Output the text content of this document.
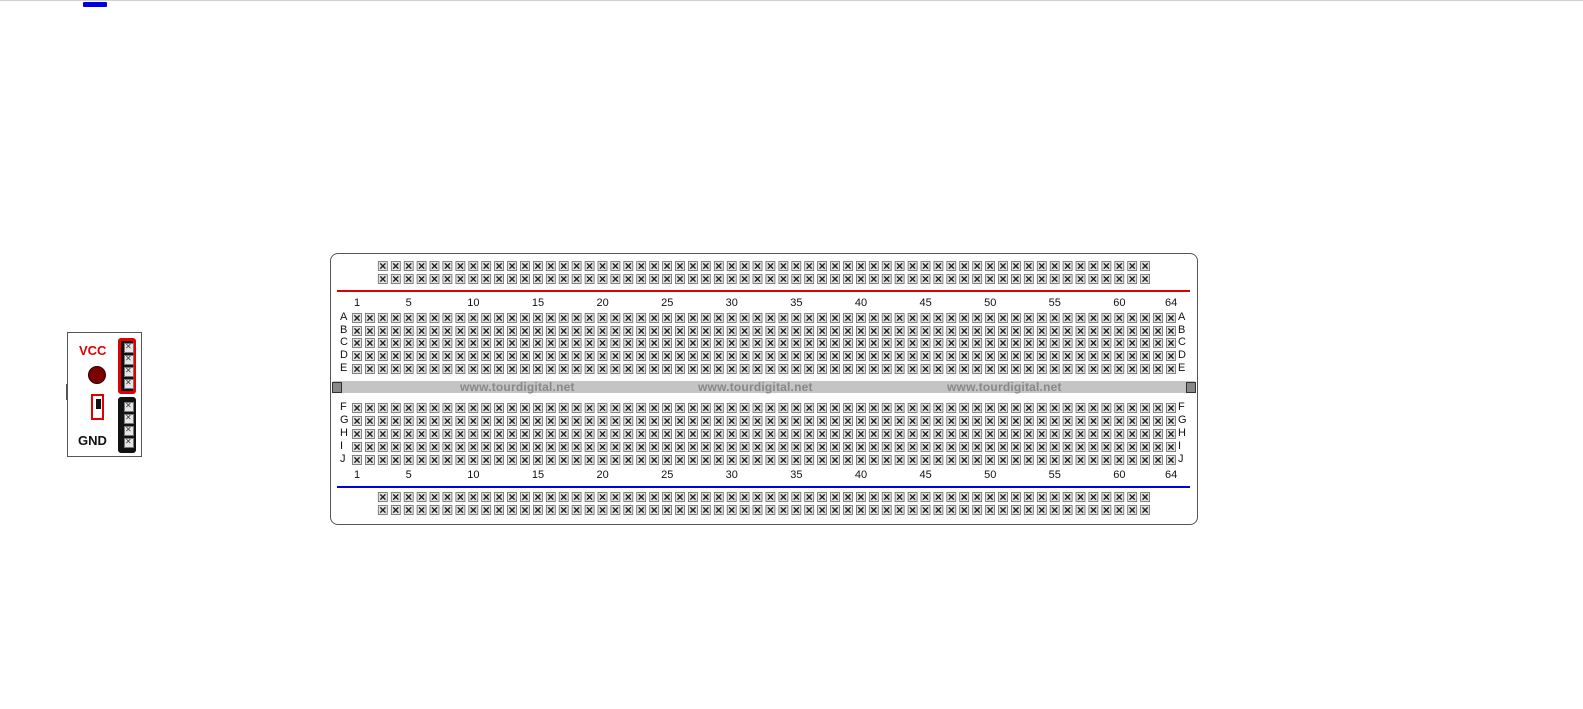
VCC
GND
✕
✕
✕
✕
✕
✕
✕
✕
www.tourdigital.net	www.tourdigital.net	www.tourdigital.net
A	A
B	B
C	C
D	D
E	E
F	F
G	G
H	H
I	I
J	J
1	5	10	15	20	25	30	35	40	45	50	55	60	64
1	5	10	15	20	25	30	35	40	45	50	55	60	64
